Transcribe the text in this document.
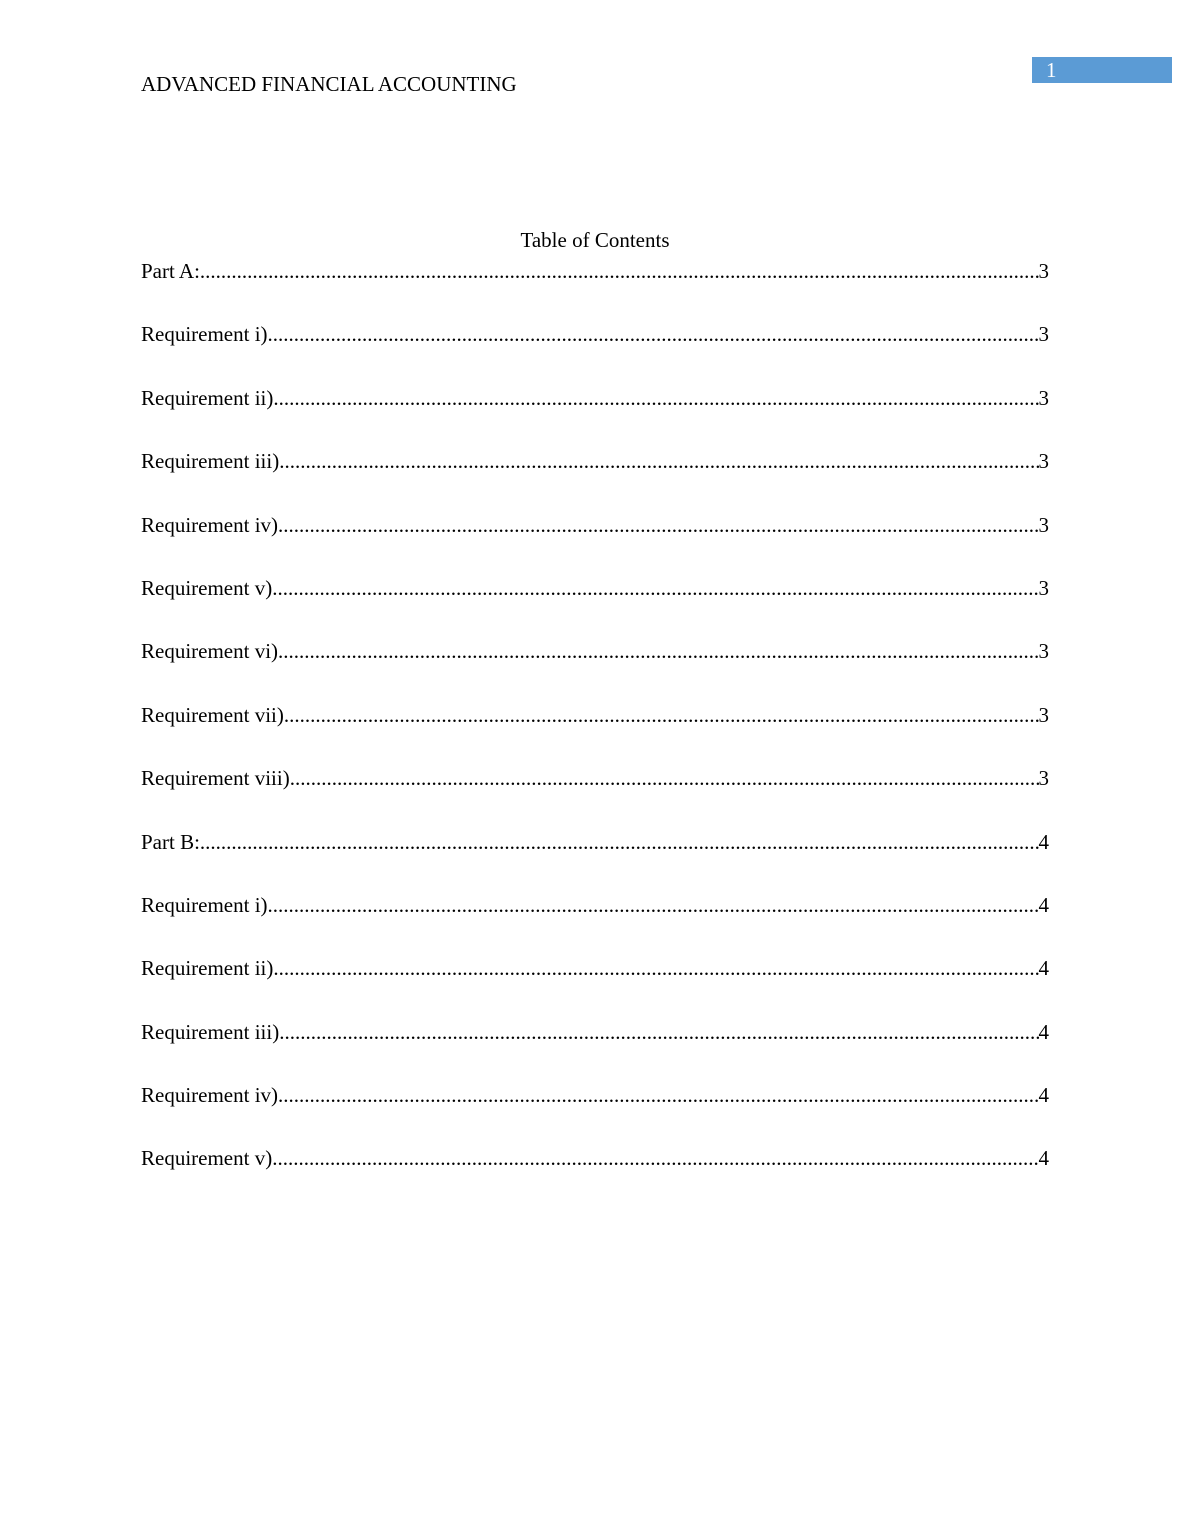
ADVANCED FINANCIAL ACCOUNTING
1
Table of Contents
Part A: .....	3
Requirement i) .....	3
Requirement ii) .....	3
Requirement iii) .....	3
Requirement iv) .....	3
Requirement v) .....	3
Requirement vi) .....	3
Requirement vii) .....	3
Requirement viii) .....	3
Part B: .....	4
Requirement i) .....	4
Requirement ii) .....	4
Requirement iii) .....	4
Requirement iv) .....	4
Requirement v) .....	4
